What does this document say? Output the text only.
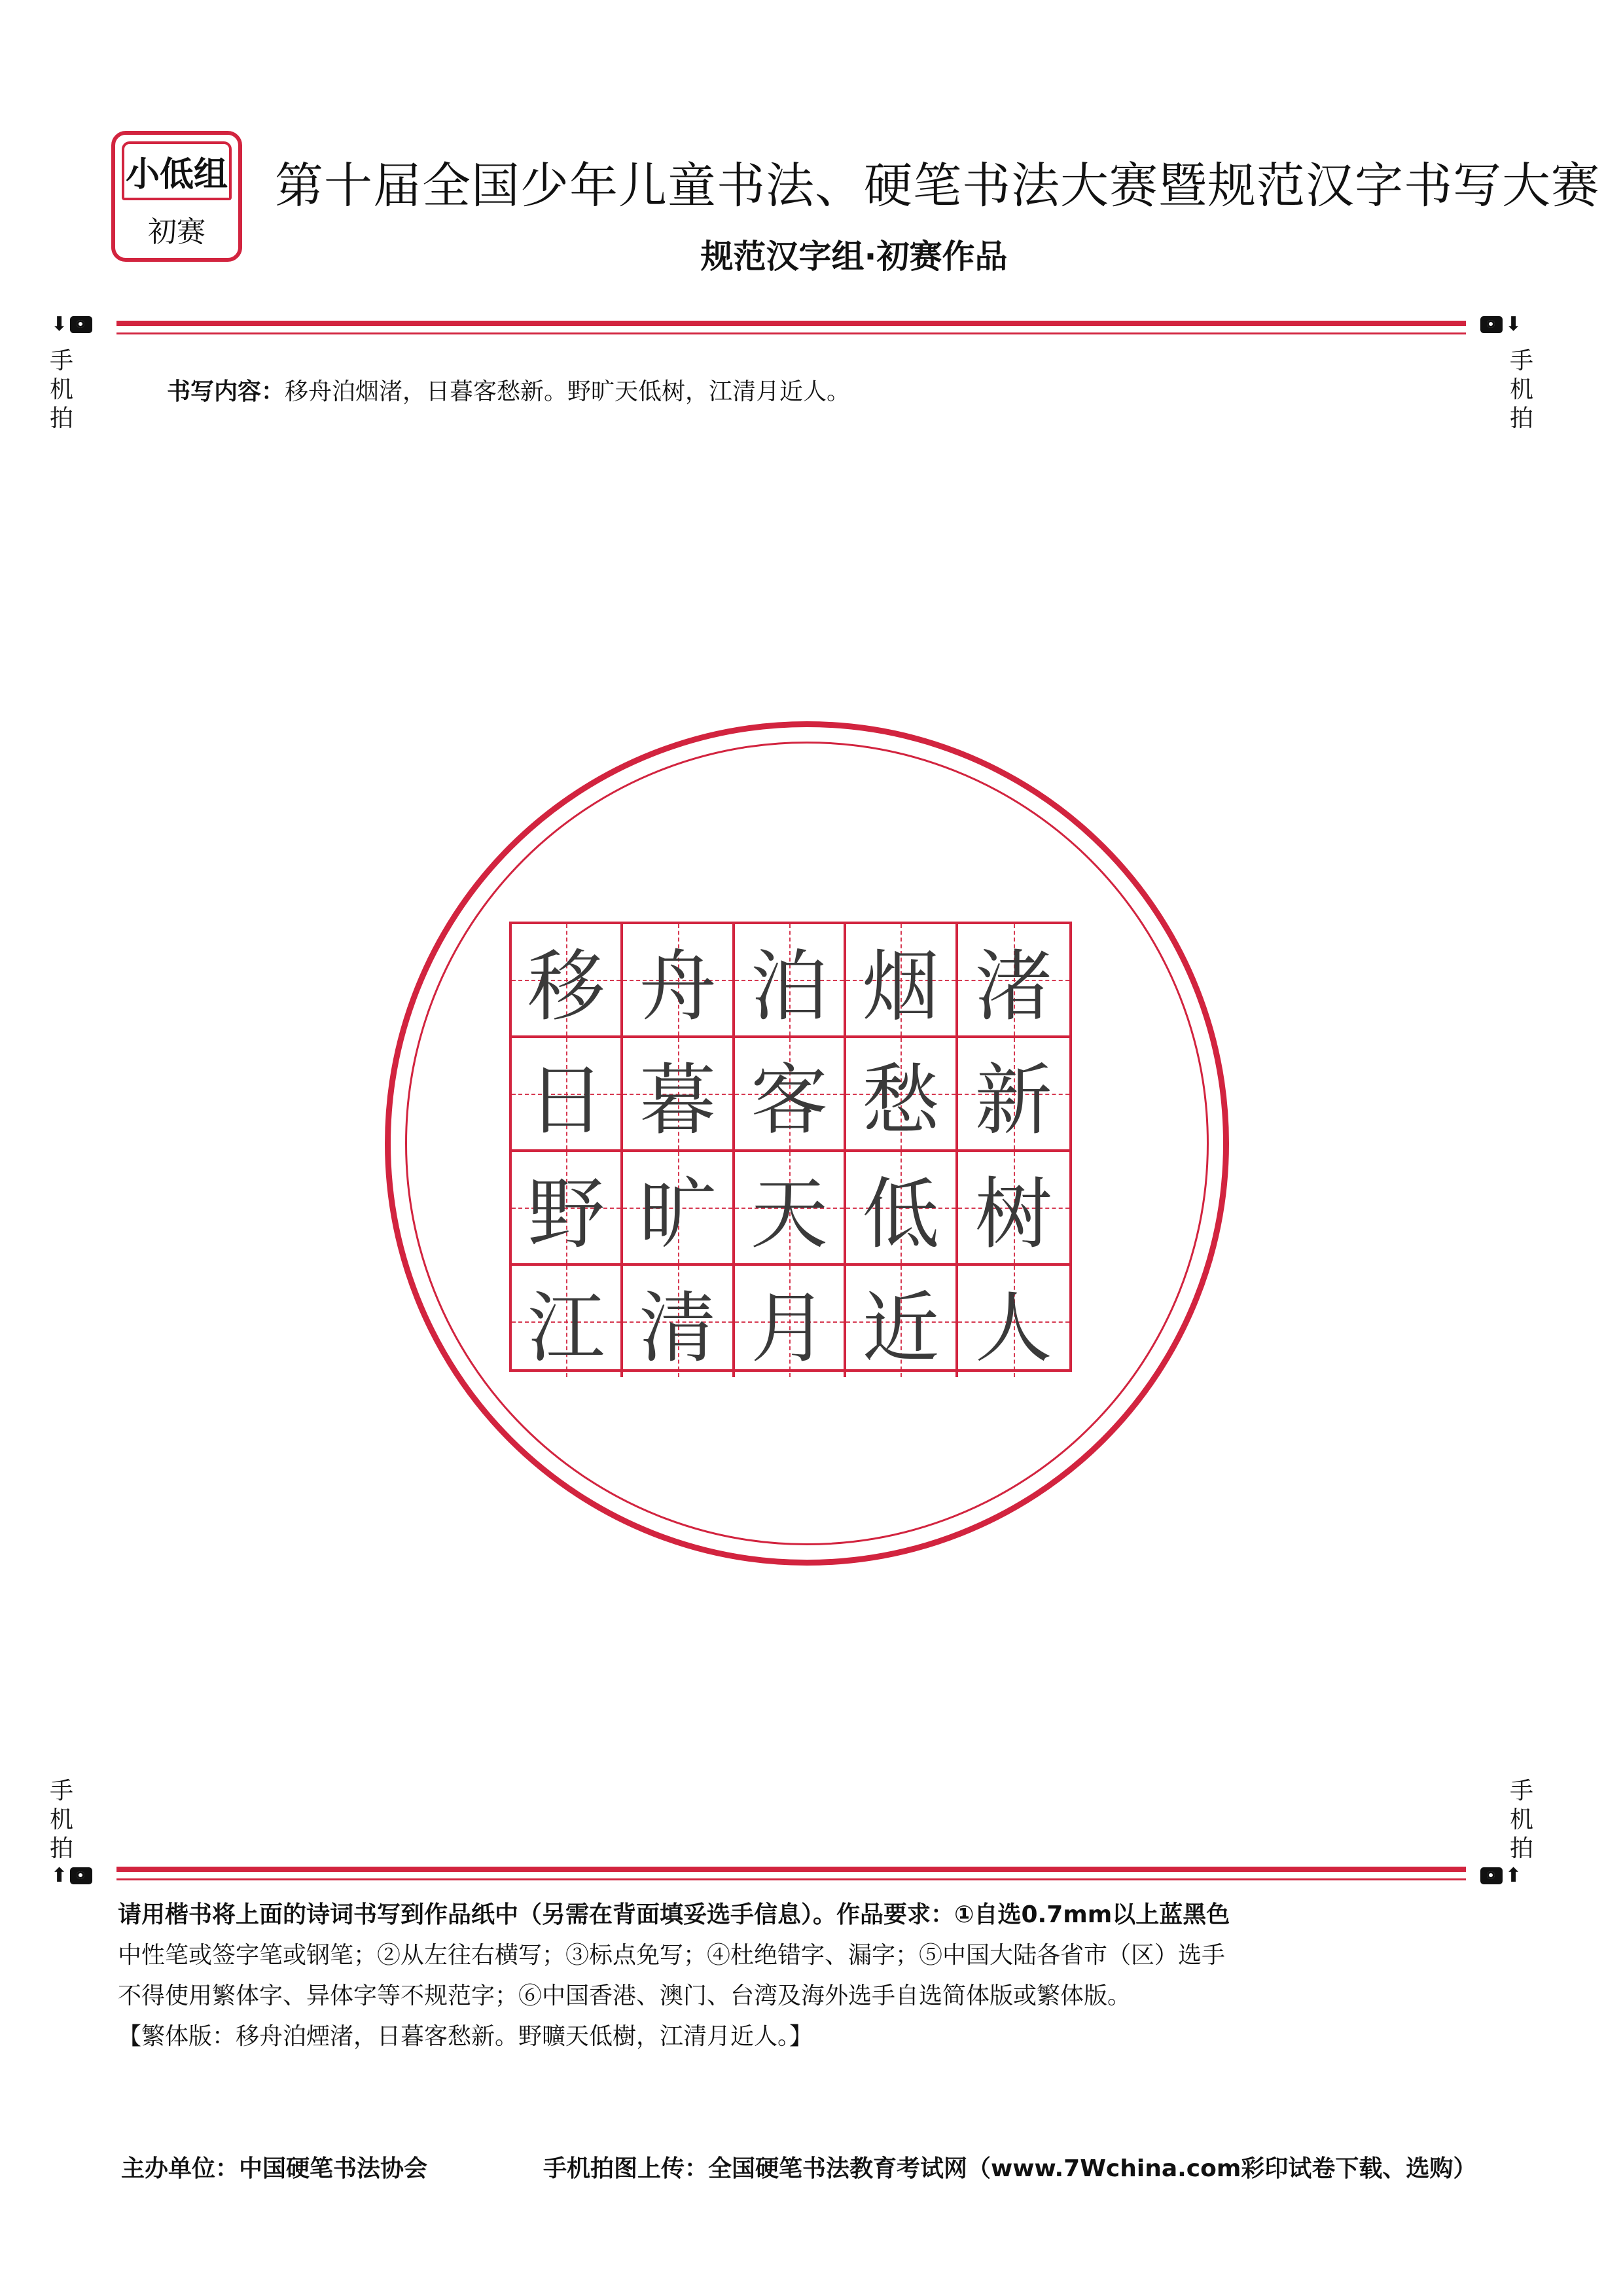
小低组
初赛
第十届全国少年儿童书法、硬笔书法大赛暨规范汉字书写大赛
规范汉字组·初赛作品
⬇
手
机
拍
⬇
手
机
拍
书写内容：移舟泊烟渚，日暮客愁新。野旷天低树，江清月近人。
移 舟 泊 烟 渚
日 暮 客 愁 新
野 旷 天 低 树
江 清 月 近 人
手
机
拍
⬆
手
机
拍
⬆

请用楷书将上面的诗词书写到作品纸中（另需在背面填妥选手信息）。作品要求：①自选0.7mm以上蓝黑色

中性笔或签字笔或钢笔；②从左往右横写；③标点免写；④杜绝错字、漏字；⑤中国大陆各省市（区）选手

不得使用繁体字、异体字等不规范字；⑥中国香港、澳门、台湾及海外选手自选简体版或繁体版。

【繁体版：移舟泊煙渚，日暮客愁新。野曠天低樹，江清月近人。】

主办单位：中国硬笔书法协会	手机拍图上传：全国硬笔书法教育考试网（www.7Wchina.com彩印试卷下载、选购）
